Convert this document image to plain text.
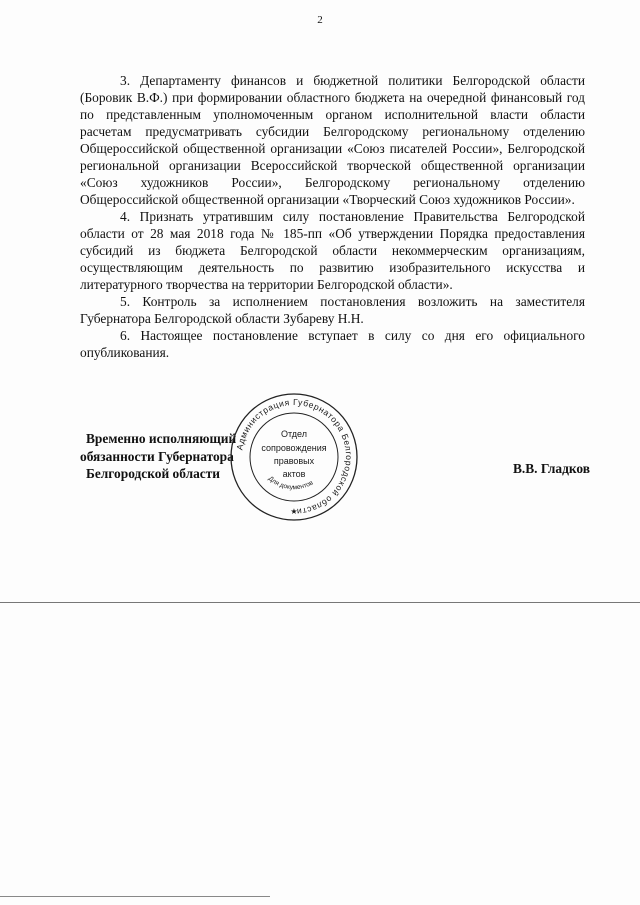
2

3. Департаменту финансов и бюджетной политики Белгородской области (Боровик В.Ф.) при формировании областного бюджета на очередной финансовый год по представленным уполномоченным органом исполнительной власти области расчетам предусматривать субсидии Белгородскому региональному отделению Общероссийской общественной организации «Союз писателей России», Белгородской региональной организации Всероссийской творческой общественной организации «Союз художников России», Белгородскому региональному отделению Общероссийской общественной организации «Творческий Союз художников России».

4. Признать утратившим силу постановление Правительства Белгородской области от 28 мая 2018 года № 185-пп «Об утверждении Порядка предоставления субсидий из бюджета Белгородской области некоммерческим организациям, осуществляющим деятельность по развитию изобразительного искусства и литературного творчества на территории Белгородской области».

5. Контроль за исполнением постановления возложить на заместителя Губернатора Белгородской области Зубареву Н.Н.

6. Настоящее постановление вступает в силу со дня его официального опубликования.

Временно исполняющий
обязанности Губернатора
Белгородской области
Администрация Губернатора Белгородской области
Отдел
сопровождения
правовых
актов
Для документов
★
В.В. Гладков
